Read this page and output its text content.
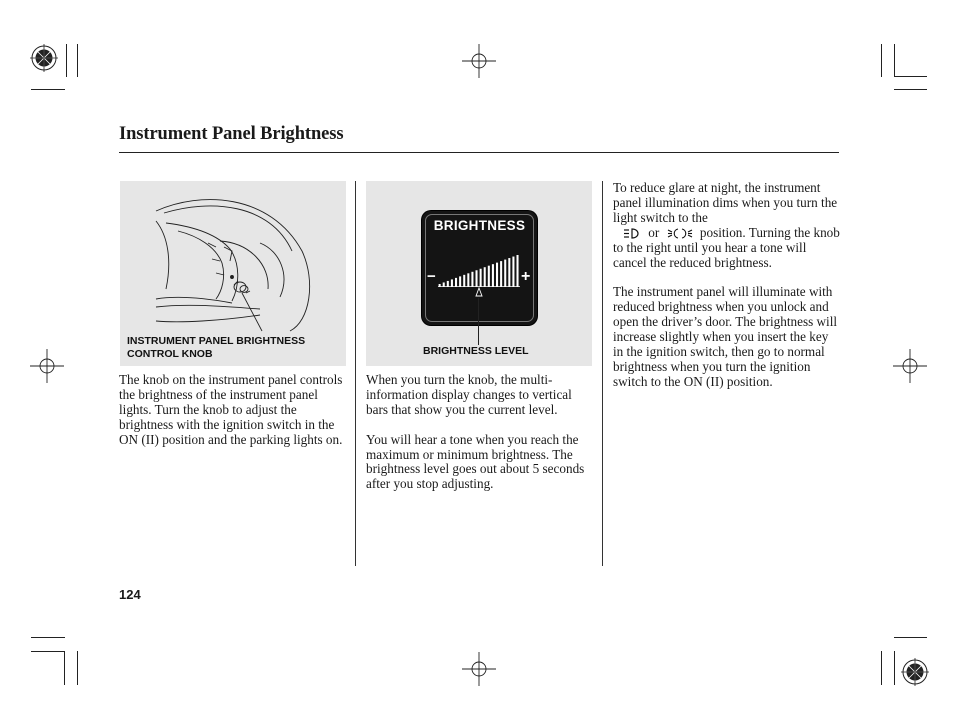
Instrument Panel Brightness
INSTRUMENT PANEL BRIGHTNESS
CONTROL KNOB
BRIGHTNESS
−	+
BRIGHTNESS LEVEL

The knob on the instrument panel controls the brightness of the instrument panel lights. Turn the knob to adjust the brightness with the ignition switch in the ON (II) position and the parking lights on.

When you turn the knob, the multi-information display changes to vertical bars that show you the current level.

You will hear a tone when you reach the maximum or minimum brightness. The brightness level goes out about 5 seconds after you stop adjusting.

To reduce glare at night, the instrument panel illumination dims when you turn the light switch to the
or	position. Turning the knob to the right until you hear a tone will cancel the reduced brightness.

The instrument panel will illuminate with reduced brightness when you unlock and open the driver’s door. The brightness will increase slightly when you insert the key in the ignition switch, then go to normal brightness when you turn the ignition switch to the ON (II) position.

124
